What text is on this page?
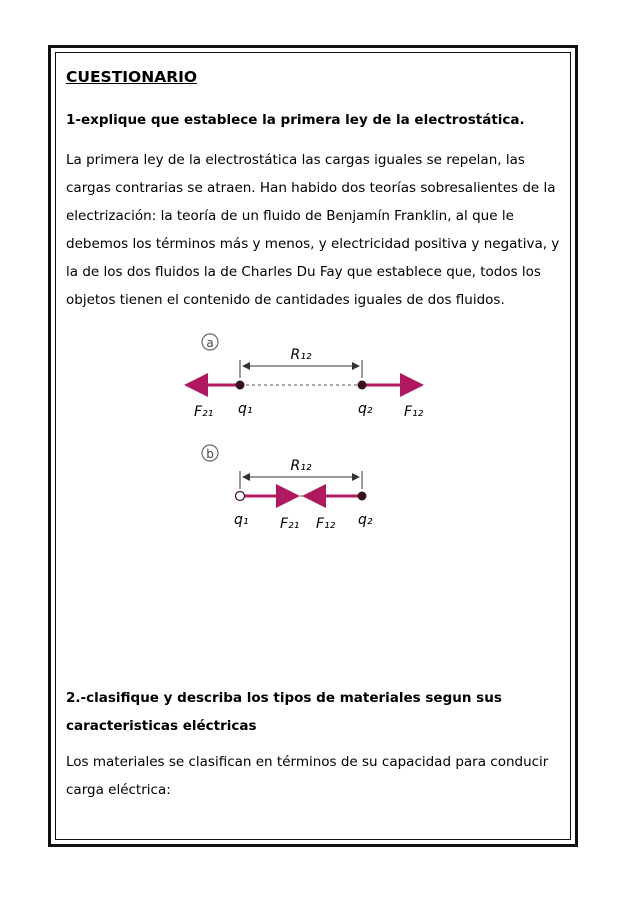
CUESTIONARIO
1-explique que establece la primera ley de la electrostática.
La primera ley de la electrostática las cargas iguales se repelan, las cargas contrarias se atraen. Han habido dos teorías sobresalientes de la electrización: la teoría de un fluido de Benjamín Franklin, al que le debemos los términos más y menos, y electricidad positiva y negativa, y la de los dos fluidos la de Charles Du Fay que establece que, todos los objetos tienen el contenido de cantidades iguales de dos fluidos.
a
R₁₂
F₂₁ q₁	q₂ F₁₂
b
R₁₂
q₁ F₂₁ F₁₂ q₂
2.-clasifique y describa los tipos de materiales segun sus caracteristicas eléctricas
Los materiales se clasifican en términos de su capacidad para conducir carga eléctrica:
